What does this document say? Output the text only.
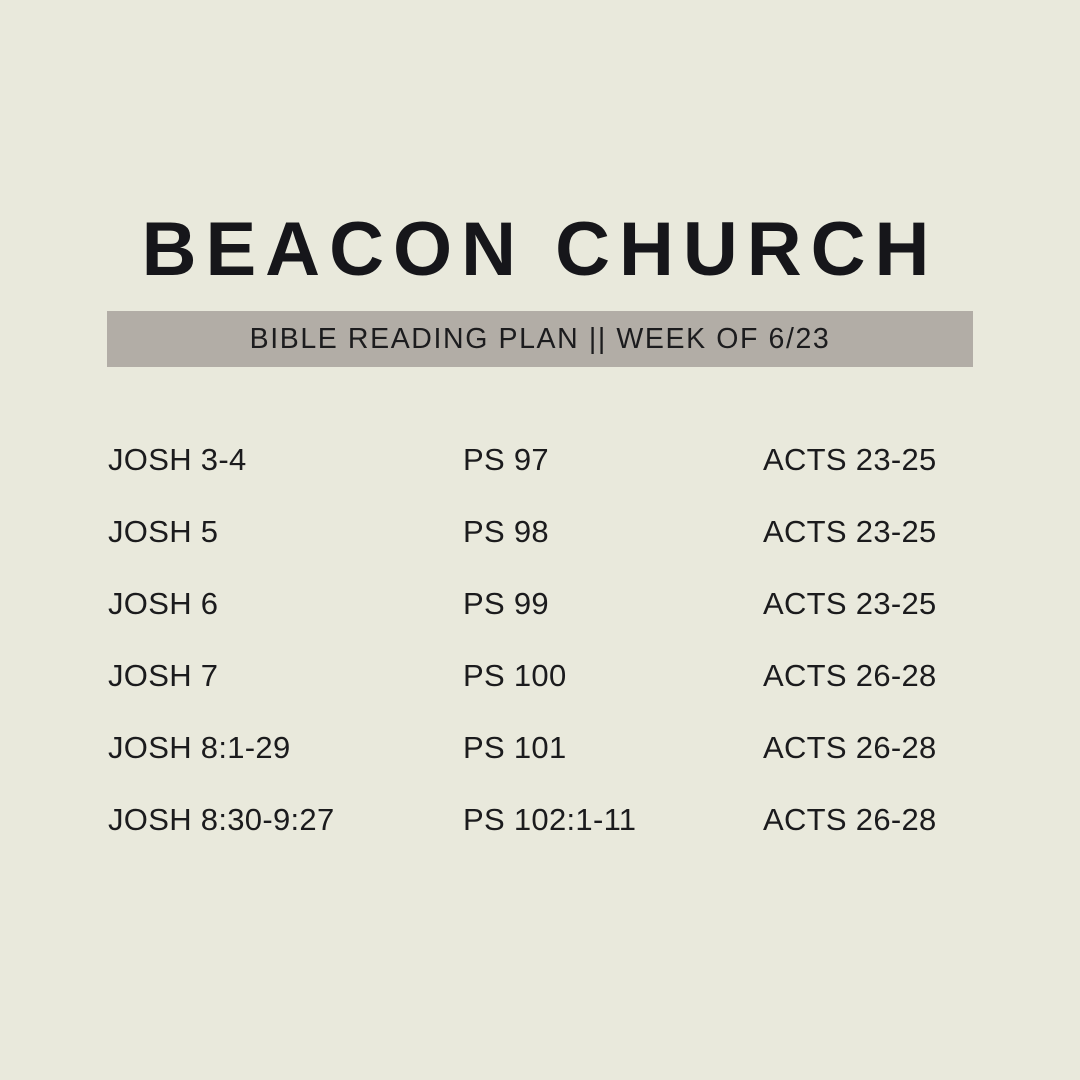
BEACON CHURCH
BIBLE READING PLAN || WEEK OF 6/23
JOSH 3-4	PS 97	ACTS 23-25
JOSH 5	PS 98	ACTS 23-25
JOSH 6	PS 99	ACTS 23-25
JOSH 7	PS 100	ACTS 26-28
JOSH 8:1-29	PS 101	ACTS 26-28
JOSH 8:30-9:27	PS 102:1-11	ACTS 26-28
